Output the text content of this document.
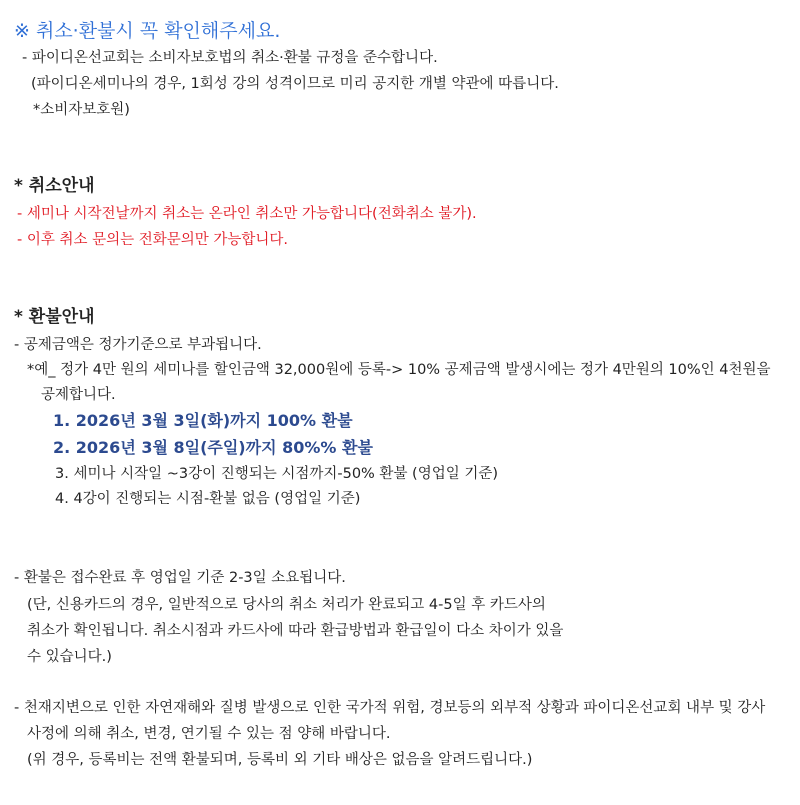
※ 취소·환불시 꼭 확인해주세요.
- 파이디온선교회는 소비자보호법의 취소·환불 규정을 준수합니다.
(파이디온세미나의 경우, 1회성 강의 성격이므로 미리 공지한 개별 약관에 따릅니다.
*소비자보호원)
* 취소안내
- 세미나 시작전날까지 취소는 온라인 취소만 가능합니다(전화취소 불가).
- 이후 취소 문의는 전화문의만 가능합니다.
* 환불안내
- 공제금액은 정가기준으로 부과됩니다.
*예_ 정가 4만 원의 세미나를 할인금액 32,000원에 등록-> 10% 공제금액 발생시에는 정가 4만원의 10%인 4천원을
공제합니다.
1. 2026년 3월 3일(화)까지 100% 환불
2. 2026년 3월 8일(주일)까지 80%% 환불
3. 세미나 시작일 ~3강이 진행되는 시점까지-50% 환불 (영업일 기준)
4. 4강이 진행되는 시점-환불 없음 (영업일 기준)
- 환불은 접수완료 후 영업일 기준 2-3일 소요됩니다.
(단, 신용카드의 경우, 일반적으로 당사의 취소 처리가 완료되고 4-5일 후 카드사의
취소가 확인됩니다. 취소시점과 카드사에 따라 환급방법과 환급일이 다소 차이가 있을
수 있습니다.)
- 천재지변으로 인한 자연재해와 질병 발생으로 인한 국가적 위험, 경보등의 외부적 상황과 파이디온선교회 내부 및 강사
사정에 의해 취소, 변경, 연기될 수 있는 점 양해 바랍니다.
(위 경우, 등록비는 전액 환불되며, 등록비 외 기타 배상은 없음을 알려드립니다.)
